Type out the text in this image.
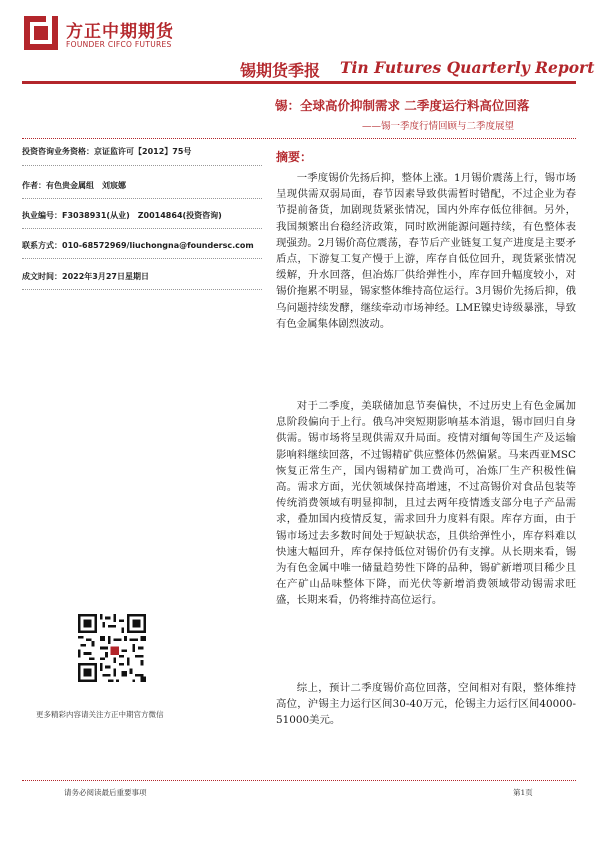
方正中期期货
FOUNDER CIFCO FUTURES
锡期货季报 Tin Futures Quarterly Report
锡：全球高价抑制需求 二季度运行料高位回落
——锡一季度行情回顾与二季度展望
投资咨询业务资格：京证监许可【2012】75号
作者：有色贵金属组　刘宸娜
执业编号：F3038931(从业)　Z0014864(投资咨询)
联系方式：010-68572969/liuchongna@foundersc.com
成文时间：2022年3月27日星期日
摘要：

一季度锡价先扬后抑，整体上涨。1月锡价震荡上行，锡市场呈现供需双弱局面，春节因素导致供需暂时错配，不过企业为春节提前备货，加剧现货紧张情况，国内外库存低位徘徊。另外，我国频繁出台稳经济政策，同时欧洲能源问题持续，有色整体表现强劲。2月锡价高位震荡，春节后产业链复工复产进度是主要矛盾点，下游复工复产慢于上游，库存自低位回升，现货紧张情况缓解，升水回落，但冶炼厂供给弹性小，库存回升幅度较小，对锡价拖累不明显，锡家整体维持高位运行。3月锡价先扬后抑，俄乌问题持续发酵，继续牵动市场神经。LME镍史诗级暴涨，导致有色金属集体剧烈波动。

对于二季度，美联储加息节奏偏快，不过历史上有色金属加息阶段偏向于上行。俄乌冲突短期影响基本消退，锡市回归自身供需。锡市场将呈现供需双升局面。疫情对缅甸等国生产及运输影响料继续回落，不过锡精矿供应整体仍然偏紧。马来西亚MSC恢复正常生产，国内锡精矿加工费尚可，冶炼厂生产积极性偏高。需求方面，光伏领域保持高增速，不过高锡价对食品包装等传统消费领域有明显抑制，且过去两年疫情透支部分电子产品需求，叠加国内疫情反复，需求回升力度料有限。库存方面，由于锡市场过去多数时间处于短缺状态，且供给弹性小，库存料难以快速大幅回升，库存保持低位对锡价仍有支撑。从长期来看，锡为有色金属中唯一储量趋势性下降的品种，锡矿新增项目稀少且在产矿山品味整体下降，而光伏等新增消费领域带动锡需求旺盛，长期来看，仍将维持高位运行。

综上，预计二季度锡价高位回落，空间相对有限，整体维持高位，沪锡主力运行区间30-40万元，伦锡主力运行区间40000-51000美元。

更多精彩内容请关注方正中期官方微信
请务必阅读最后重要事项	第1页
